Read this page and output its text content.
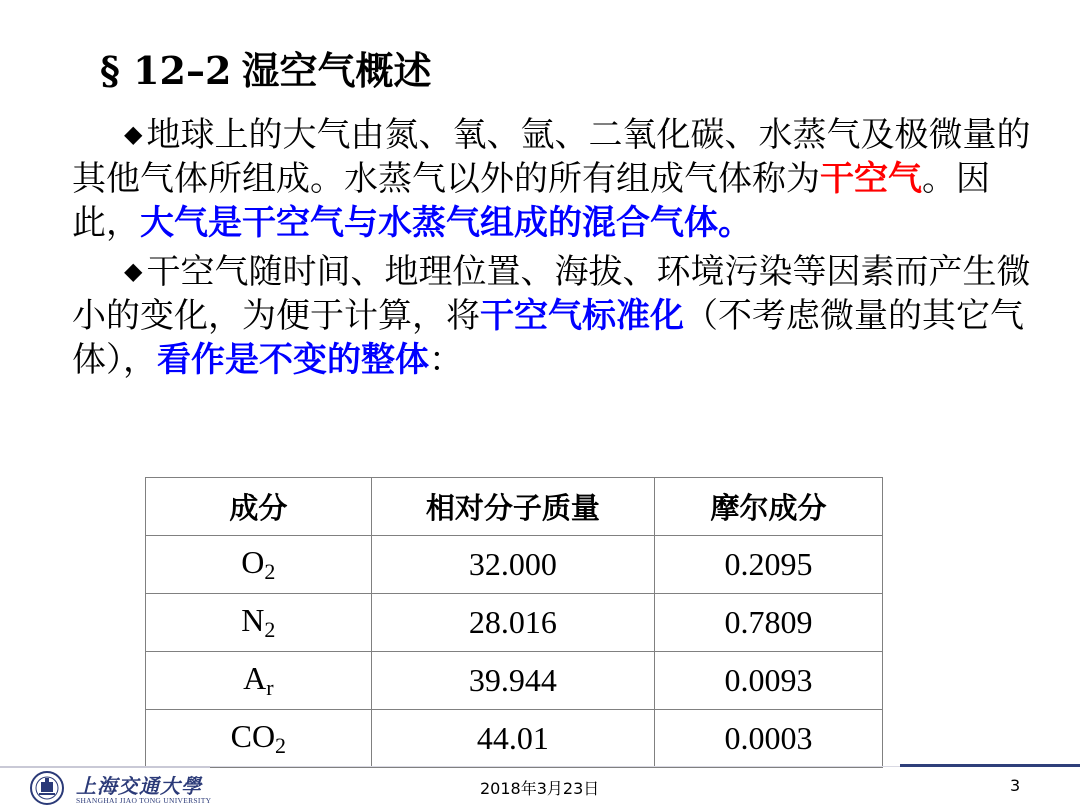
§ 12–2 湿空气概述

◆ 地球上的大气由氮、氧、氩、二氧化碳、水蒸气及极微量的其他气体所组成。水蒸气以外的所有组成气体称为干空气。因此，大气是干空气与水蒸气组成的混合气体。

◆ 干空气随时间、地理位置、海拔、环境污染等因素而产生微小的变化，为便于计算，将干空气标准化（不考虑微量的其它气体），看作是不变的整体：

成分	相对分子质量	摩尔成分
$O_2$	32.000	0.2095
$N_2$	28.016	0.7809
$A_r$	39.944	0.0093
$CO_2$	44.01	0.0003
上海交通大學
SHANGHAI JIAO TONG UNIVERSITY
2018年3月23日	3
